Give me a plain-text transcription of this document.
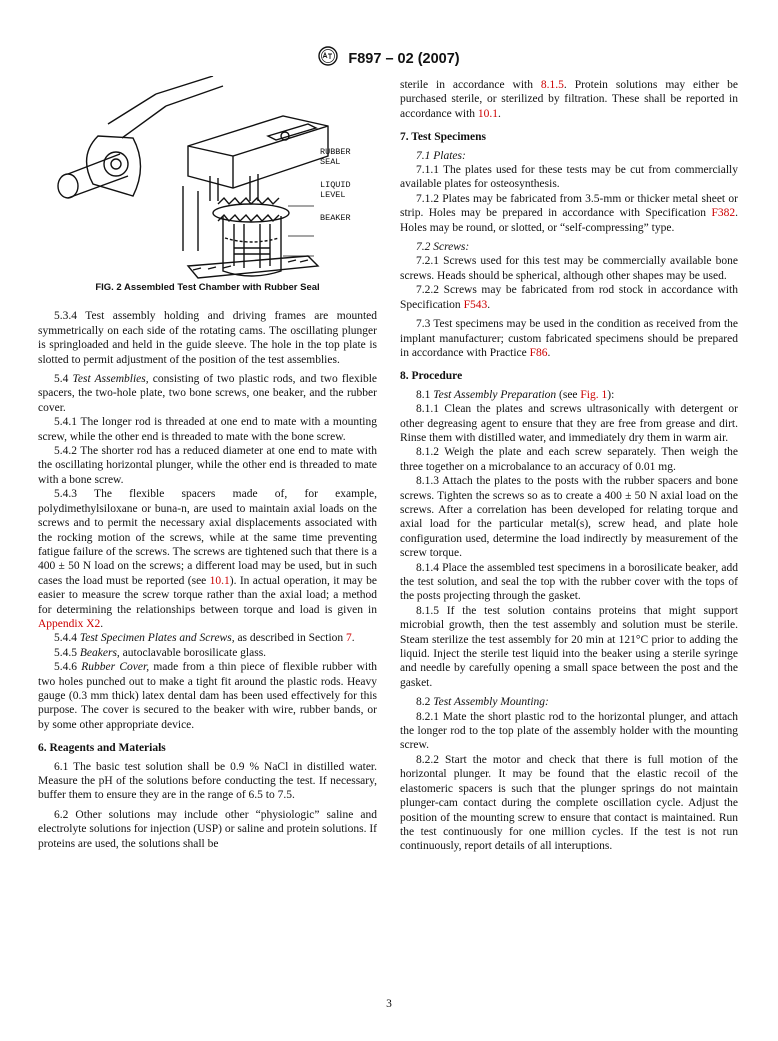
F897 – 02 (2007)
RUBBER
SEAL
LIQUID
LEVEL
BEAKER

FIG. 2 Assembled Test Chamber with Rubber Seal

5.3.4 Test assembly holding and driving frames are mounted symmetrically on each side of the rotating cams. The oscillating plunger is springloaded and held in the guide sleeve. The hole in the top plate is slotted to permit adjustment of the position of the test assemblies.

5.4 Test Assemblies, consisting of two plastic rods, and two flexible spacers, the two-hole plate, two bone screws, one beaker, and the rubber cover.

5.4.1 The longer rod is threaded at one end to mate with a mounting screw, while the other end is threaded to mate with the bone screw.

5.4.2 The shorter rod has a reduced diameter at one end to mate with the oscillating horizontal plunger, while the other end is threaded to mate with a bone screw.

5.4.3 The flexible spacers made of, for example, polydimethylsiloxane or buna-n, are used to maintain axial loads on the screws and to permit the necessary axial displacements associated with the rocking motion of the screws, while at the same time preventing fatigue failure of the screws. The screws are tightened such that there is a 400 ± 50 N load on the screws; a different load may be used, but in such cases the load must be reported (see 10.1). In actual operation, it may be easier to measure the screw torque rather than the axial load; a method for determining the relationships between torque and load is given in Appendix X2.

5.4.4 Test Specimen Plates and Screws, as described in Section 7.

5.4.5 Beakers, autoclavable borosilicate glass.

5.4.6 Rubber Cover, made from a thin piece of flexible rubber with two holes punched out to make a tight fit around the plastic rods. Heavy gauge (0.3 mm thick) latex dental dam has been used effectively for this purpose. The cover is secured to the beaker with wire, rubber bands, or by some other appropriate device.

6. Reagents and Materials

6.1 The basic test solution shall be 0.9 % NaCl in distilled water. Measure the pH of the solutions before conducting the test. If necessary, buffer them to ensure they are in the range of 6.5 to 7.5.

6.2 Other solutions may include other “physiologic” saline and electrolyte solutions for injection (USP) or saline and protein solutions. If proteins are used, the solutions shall be

sterile in accordance with 8.1.5. Protein solutions may either be purchased sterile, or sterilized by filtration. These shall be reported in accordance with 10.1.

7. Test Specimens

7.1 Plates:

7.1.1 The plates used for these tests may be cut from commercially available plates for osteosynthesis.

7.1.2 Plates may be fabricated from 3.5-mm or thicker metal sheet or strip. Holes may be prepared in accordance with Specification F382. Holes may be round, or slotted, or “self-compressing” type.

7.2 Screws:

7.2.1 Screws used for this test may be commercially available bone screws. Heads should be spherical, although other shapes may be used.

7.2.2 Screws may be fabricated from rod stock in accordance with Specification F543.

7.3 Test specimens may be used in the condition as received from the implant manufacturer; custom fabricated specimens should be prepared in accordance with Practice F86.

8. Procedure

8.1 Test Assembly Preparation (see Fig. 1):

8.1.1 Clean the plates and screws ultrasonically with detergent or other degreasing agent to ensure that they are free from grease and dirt. Rinse them with distilled water, and immediately dry them in warm air.

8.1.2 Weigh the plate and each screw separately. Then weigh the three together on a microbalance to an accuracy of 0.01 mg.

8.1.3 Attach the plates to the posts with the rubber spacers and bone screws. Tighten the screws so as to create a 400 ± 50 N axial load on the screws. After a correlation has been developed for relating torque and axial load for the particular metal(s), screw head, and plate hole configuration used, determine the load indirectly by measurement of the screw torque.

8.1.4 Place the assembled test specimens in a borosilicate beaker, add the test solution, and seal the top with the rubber cover with the tops of the posts projecting through the gasket.

8.1.5 If the test solution contains proteins that might support microbial growth, then the test assembly and solution must be sterile. Steam sterilize the test assembly for 20 min at 121°C prior to adding the liquid. Inject the sterile test liquid into the beaker using a sterile syringe and needle by carefully opening a small space between the post and the gasket.

8.2 Test Assembly Mounting:

8.2.1 Mate the short plastic rod to the horizontal plunger, and attach the longer rod to the top plate of the assembly holder with the mounting screw.

8.2.2 Start the motor and check that there is full motion of the horizontal plunger. It may be found that the elastic recoil of the elastomeric spacers is such that the plunger springs do not maintain plunger-cam contact during the complete oscillation cycle. Adjust the position of the mounting screw to ensure that contact is maintained. Run the test continuously for one million cycles. If the test is not run continuously, report details of all interuptions.

3
